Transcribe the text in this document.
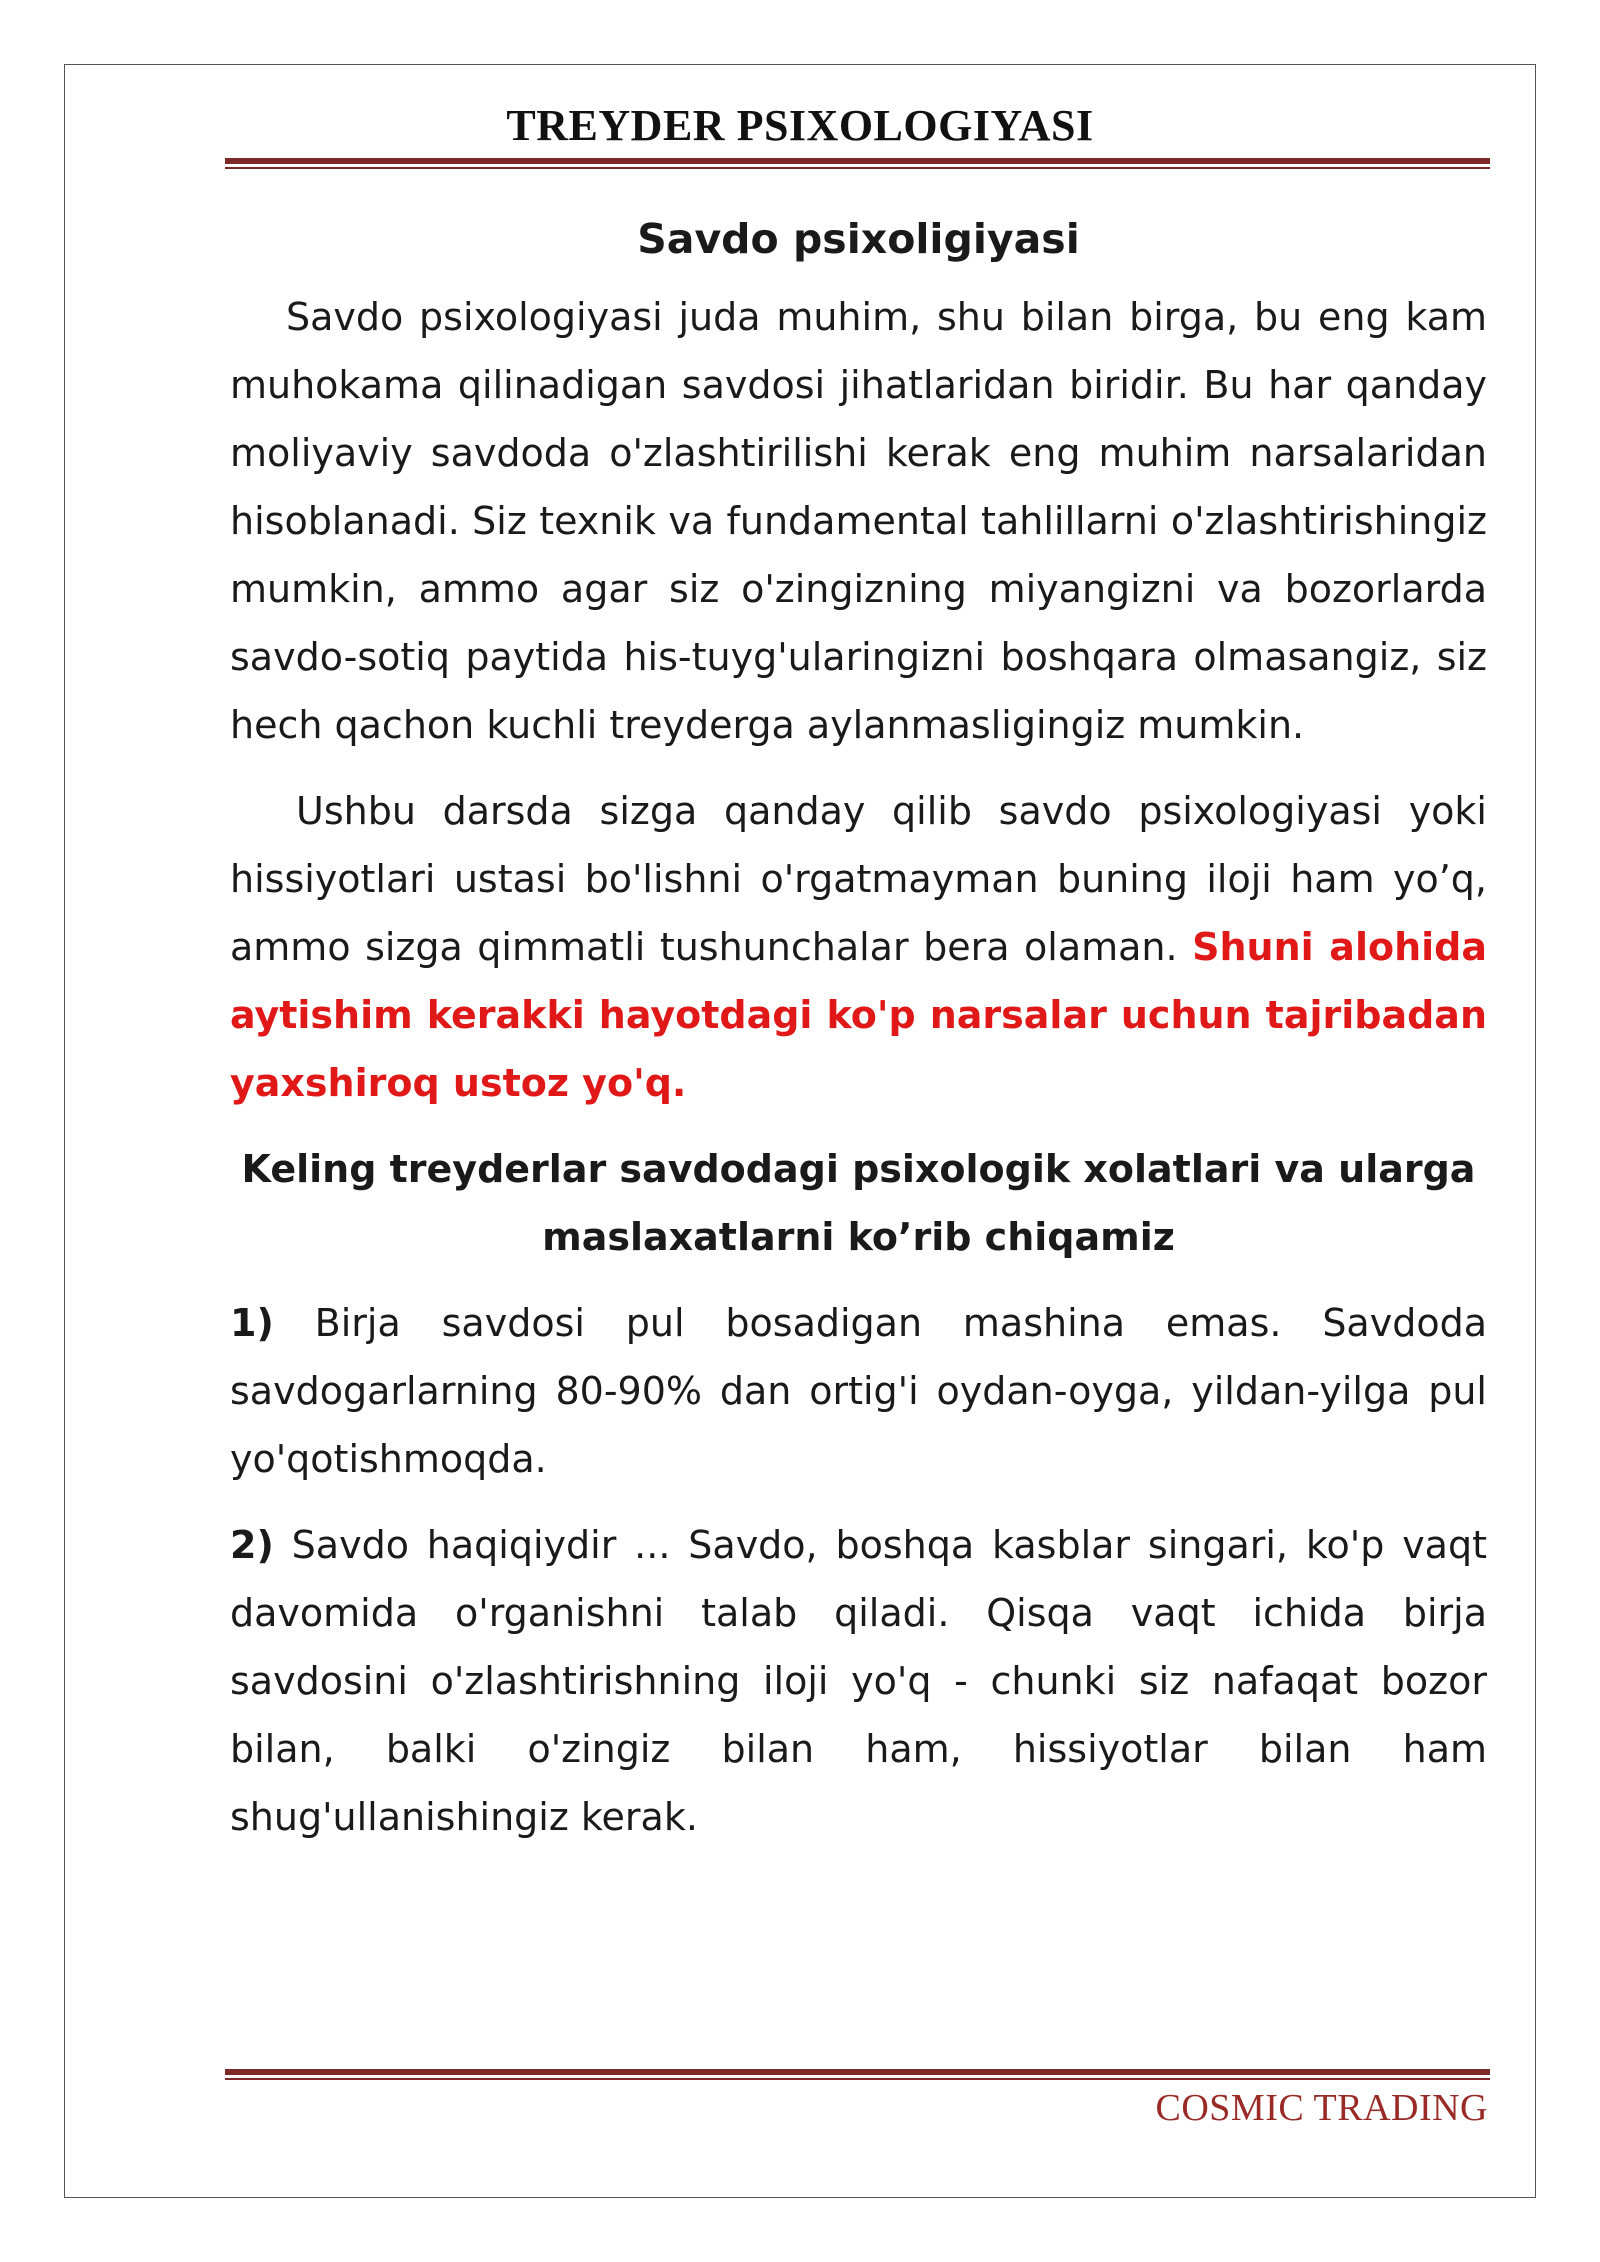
TREYDER PSIXOLOGIYASI

Savdo psixoligiyasi

Savdo psixologiyasi juda muhim, shu bilan birga, bu eng kam muhokama qilinadigan savdosi jihatlaridan biridir. Bu har qanday moliyaviy savdoda o'zlashtirilishi kerak eng muhim narsalaridan hisoblanadi. Siz texnik va fundamental tahlillarni o'zlashtirishingiz mumkin, ammo agar siz o'zingizning miyangizni va bozorlarda savdo-sotiq paytida his-tuyg'ularingizni boshqara olmasangiz, siz hech qachon kuchli treyderga aylanmasligingiz mumkin.

Ushbu darsda sizga qanday qilib savdo psixologiyasi yoki hissiyotlari ustasi bo'lishni o'rgatmayman buning iloji ham yo’q, ammo sizga qimmatli tushunchalar bera olaman. Shuni alohida aytishim kerakki hayotdagi ko'p narsalar uchun tajribadan yaxshiroq ustoz yo'q.

Keling treyderlar savdodagi psixologik xolatlari va ularga maslaxatlarni ko’rib chiqamiz

1) Birja savdosi pul bosadigan mashina emas. Savdoda savdogarlarning 80-90% dan ortig'i oydan-oyga, yildan-yilga pul yo'qotishmoqda.

2) Savdo haqiqiydir ... Savdo, boshqa kasblar singari, ko'p vaqt davomida o'rganishni talab qiladi. Qisqa vaqt ichida birja savdosini o'zlashtirishning iloji yo'q - chunki siz nafaqat bozor bilan, balki o'zingiz bilan ham, hissiyotlar bilan ham shug'ullanishingiz kerak.

COSMIC TRADING
